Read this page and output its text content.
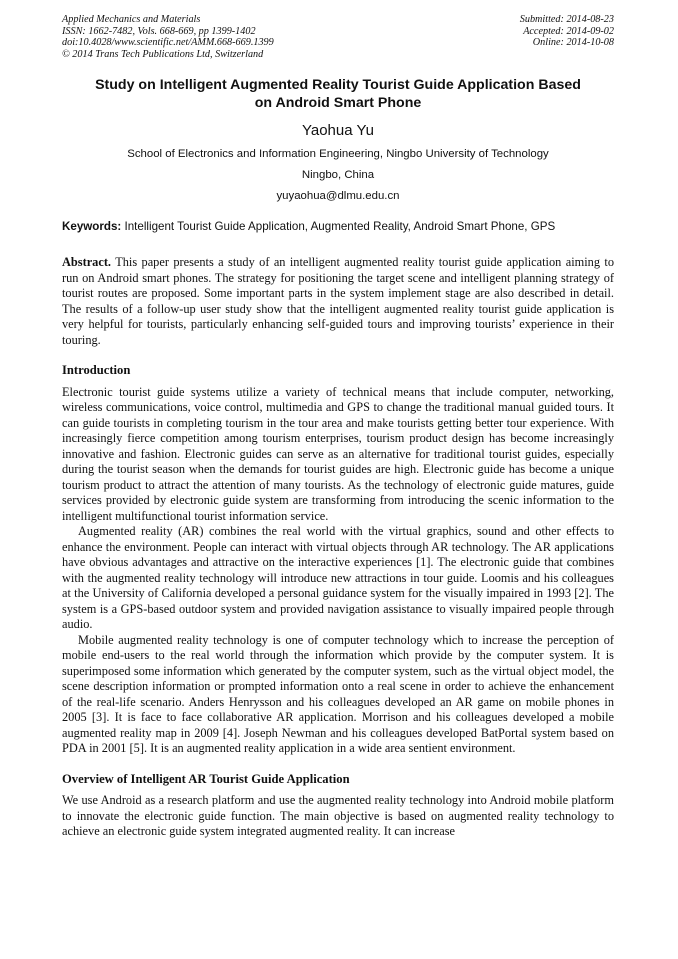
Applied Mechanics and Materials
ISSN: 1662-7482, Vols. 668-669, pp 1399-1402
doi:10.4028/www.scientific.net/AMM.668-669.1399
© 2014 Trans Tech Publications Ltd, Switzerland
Submitted: 2014-08-23
Accepted: 2014-09-02
Online: 2014-10-08
Study on Intelligent Augmented Reality Tourist Guide Application Based
on Android Smart Phone
Yaohua Yu
School of Electronics and Information Engineering, Ningbo University of Technology
Ningbo, China
yuyaohua@dlmu.edu.cn
Keywords: Intelligent Tourist Guide Application, Augmented Reality, Android Smart Phone, GPS
Abstract. This paper presents a study of an intelligent augmented reality tourist guide application aiming to run on Android smart phones. The strategy for positioning the target scene and intelligent planning strategy of tourist routes are proposed. Some important parts in the system implement stage are also described in detail. The results of a follow-up user study show that the intelligent augmented reality tourist guide application is very helpful for tourists, particularly enhancing self-guided tours and improving tourists’ experience in their touring.
Introduction

Electronic tourist guide systems utilize a variety of technical means that include computer, networking, wireless communications, voice control, multimedia and GPS to change the traditional manual guided tours. It can guide tourists in completing tourism in the tour area and make tourists getting better tour experience. With increasingly fierce competition among tourism enterprises, tourism product design has become increasingly innovative and fashion. Electronic guides can serve as an alternative for traditional tourist guides, especially during the tourist season when the demands for tourist guides are high. Electronic guide has become a unique tourism product to attract the attention of many tourists. As the technology of electronic guide matures, guide services provided by electronic guide system are transforming from introducing the scenic information to the intelligent multifunctional tourist information service.

Augmented reality (AR) combines the real world with the virtual graphics, sound and other effects to enhance the environment. People can interact with virtual objects through AR technology. The AR applications have obvious advantages and attractive on the interactive experiences [1]. The electronic guide that combines with the augmented reality technology will introduce new attractions in tour guide. Loomis and his colleagues at the University of California developed a personal guidance system for the visually impaired in 1993 [2]. The system is a GPS-based outdoor system and provided navigation assistance to visually impaired people through audio.

Mobile augmented reality technology is one of computer technology which to increase the perception of mobile end-users to the real world through the information which provide by the computer system. It is superimposed some information which generated by the computer system, such as the virtual object model, the scene description information or prompted information onto a real scene in order to achieve the enhancement of the real-life scenario. Anders Henrysson and his colleagues developed an AR game on mobile phones in 2005 [3]. It is face to face collaborative AR application. Morrison and his colleagues developed a mobile augmented reality map in 2009 [4]. Joseph Newman and his colleagues developed BatPortal system based on PDA in 2001 [5]. It is an augmented reality application in a wide area sentient environment.

Overview of Intelligent AR Tourist Guide Application

We use Android as a research platform and use the augmented reality technology into Android mobile platform to innovate the electronic guide function. The main objective is based on augmented reality technology to achieve an electronic guide system integrated augmented reality. It can increase
